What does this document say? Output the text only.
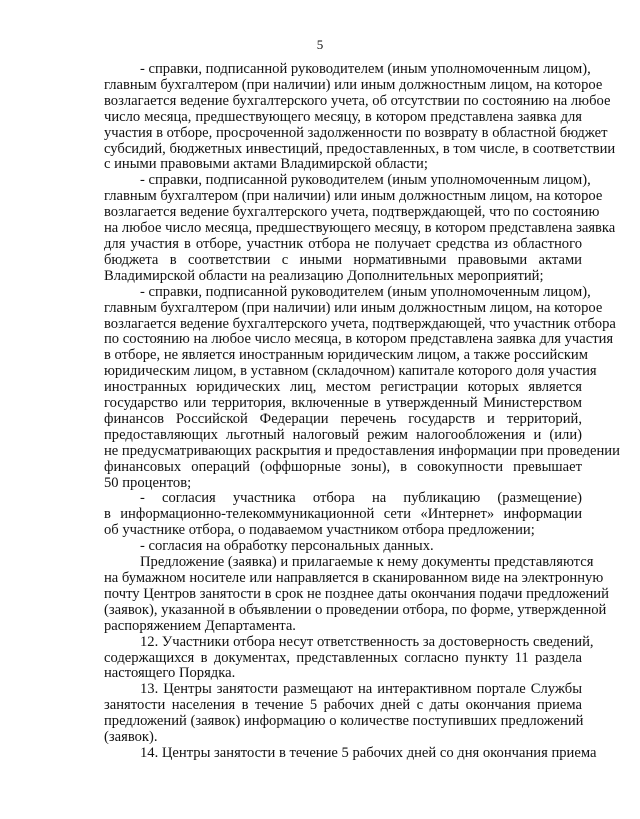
5
- справки, подписанной руководителем (иным уполномоченным лицом),
главным бухгалтером (при наличии) или иным должностным лицом, на которое
возлагается ведение бухгалтерского учета, об отсутствии по состоянию на любое
число месяца, предшествующего месяцу, в котором представлена заявка для
участия в отборе, просроченной задолженности по возврату в областной бюджет
субсидий, бюджетных инвестиций, предоставленных, в том числе, в соответствии
с иными правовыми актами Владимирской области;
- справки, подписанной руководителем (иным уполномоченным лицом),
главным бухгалтером (при наличии) или иным должностным лицом, на которое
возлагается ведение бухгалтерского учета, подтверждающей, что по состоянию
на любое число месяца, предшествующего месяцу, в котором представлена заявка
для участия в отборе, участник отбора не получает средства из областного
бюджета в соответствии с иными нормативными правовыми актами
Владимирской области на реализацию Дополнительных мероприятий;
- справки, подписанной руководителем (иным уполномоченным лицом),
главным бухгалтером (при наличии) или иным должностным лицом, на которое
возлагается ведение бухгалтерского учета, подтверждающей, что участник отбора
по состоянию на любое число месяца, в котором представлена заявка для участия
в отборе, не является иностранным юридическим лицом, а также российским
юридическим лицом, в уставном (складочном) капитале которого доля участия
иностранных юридических лиц, местом регистрации которых является
государство или территория, включенные в утвержденный Министерством
финансов Российской Федерации перечень государств и территорий,
предоставляющих льготный налоговый режим налогообложения и (или)
не предусматривающих раскрытия и предоставления информации при проведении
финансовых операций (оффшорные зоны), в совокупности превышает
50 процентов;
- согласия участника отбора на публикацию (размещение)
в информационно-телекоммуникационной сети «Интернет» информации
об участнике отбора, о подаваемом участником отбора предложении;
- согласия на обработку персональных данных.
Предложение (заявка) и прилагаемые к нему документы представляются
на бумажном носителе или направляется в сканированном виде на электронную
почту Центров занятости в срок не позднее даты окончания подачи предложений
(заявок), указанной в объявлении о проведении отбора, по форме, утвержденной
распоряжением Департамента.
12. Участники отбора несут ответственность за достоверность сведений,
содержащихся в документах, представленных согласно пункту 11 раздела
настоящего Порядка.
13. Центры занятости размещают на интерактивном портале Службы
занятости населения в течение 5 рабочих дней с даты окончания приема
предложений (заявок) информацию о количестве поступивших предложений
(заявок).
14. Центры занятости в течение 5 рабочих дней со дня окончания приема
